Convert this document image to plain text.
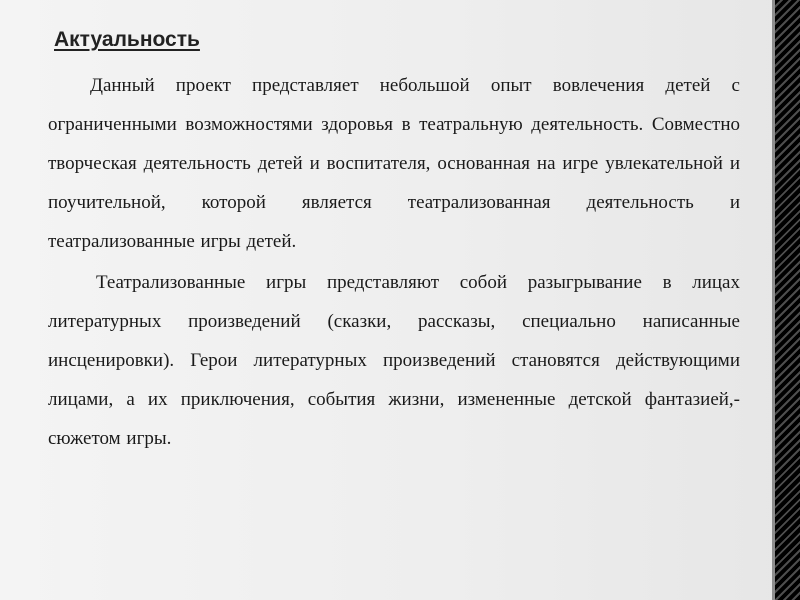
Актуальность

Данный проект представляет небольшой опыт вовлечения детей с ограниченными возможностями здоровья в театральную деятельность. Совместно творческая деятельность детей и воспитателя, основанная на игре увлекательной и поучительной, которой является театрализованная деятельность и театрализованные игры детей.

Театрализованные игры представляют собой разыгрывание в лицах литературных произведений (сказки, рассказы, специально написанные инсценировки). Герои литературных произведений становятся действующими лицами, а их приключения, события жизни, измененные детской фантазией,- сюжетом игры.
